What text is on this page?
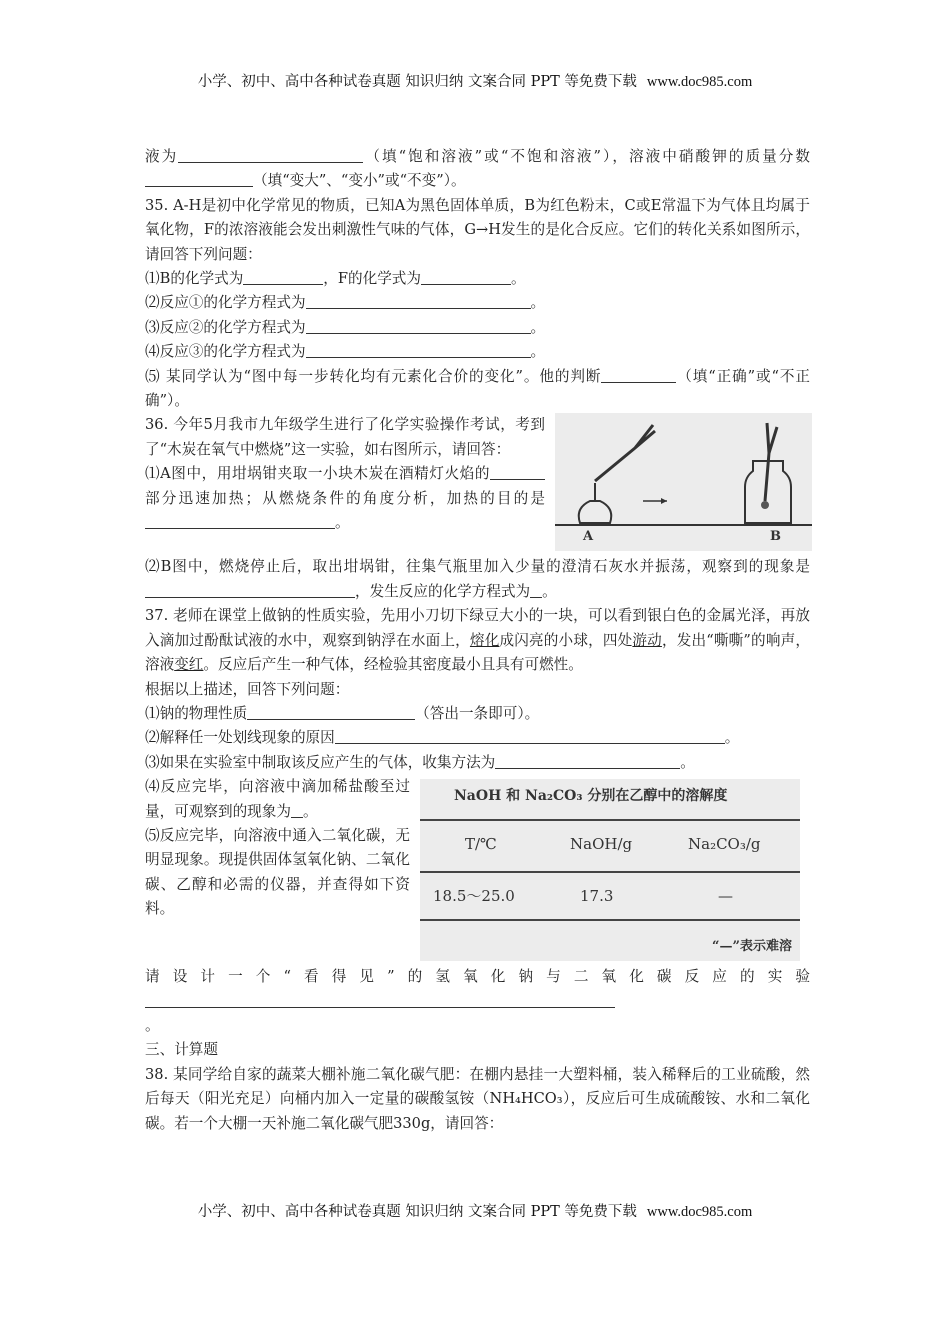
小学、初中、高中各种试卷真题 知识归纳 文案合同 PPT 等免费下载 www.doc985.com

液为	（填“饱和溶液”或“不饱和溶液”），溶液中硝酸钾的质量分数（填“变大”、“变小”或“不变”）。

35. A-H是初中化学常见的物质，已知A为黑色固体单质，B为红色粉末，C或E常温下为气体且均属于氧化物，F的浓溶液能会发出刺激性气味的气体，G→H发生的是化合反应。它们的转化关系如图所示，请回答下列问题：

⑴B的化学式为	，F的化学式为	。

⑵反应①的化学方程式为	。

⑶反应②的化学方程式为	。

⑷反应③的化学方程式为	。

⑸ 某同学认为“图中每一步转化均有元素化合价的变化”。他的判断	（填“正确”或“不正确”）。

A	B

36. 今年5月我市九年级学生进行了化学实验操作考试，考到了“木炭在氧气中燃烧”这一实验，如右图所示，请回答：

⑴A图中，用坩埚钳夹取一小块木炭在酒精灯火焰的部分迅速加热；从燃烧条件的角度分析，加热的目的是。

⑵B图中，燃烧停止后，取出坩埚钳，往集气瓶里加入少量的澄清石灰水并振荡，观察到的现象是，发生反应的化学方程式为 。

37. 老师在课堂上做钠的性质实验，先用小刀切下绿豆大小的一块，可以看到银白色的金属光泽，再放入滴加过酚酞试液的水中，观察到钠浮在水面上，熔化成闪亮的小球，四处游动，发出“嘶嘶”的响声，溶液变红。反应后产生一种气体，经检验其密度最小且具有可燃性。

根据以上描述，回答下列问题：

⑴钠的物理性质	（答出一条即可）。

⑵解释任一处划线现象的原因	。

⑶如果在实验室中制取该反应产生的气体，收集方法为	。

NaOH 和 Na₂CO₃ 分别在乙醇中的溶解度
T/℃	NaOH/g	Na₂CO₃/g
18.5～25.0	17.3	—
“—”表示难溶

⑷反应完毕，向溶液中滴加稀盐酸至过量，可观察到的现象为 。

⑸反应完毕，向溶液中通入二氧化碳，无明显现象。现提供固体氢氧化钠、二氧化碳、乙醇和必需的仪器，并查得如下资料。

请设计一个“看得见”的氢氧化钠与二氧化碳反应的实验
。

三、计算题

38. 某同学给自家的蔬菜大棚补施二氧化碳气肥：在棚内悬挂一大塑料桶，装入稀释后的工业硫酸，然后每天（阳光充足）向桶内加入一定量的碳酸氢铵（NH₄HCO₃），反应后可生成硫酸铵、水和二氧化碳。若一个大棚一天补施二氧化碳气肥330g，请回答：

小学、初中、高中各种试卷真题 知识归纳 文案合同 PPT 等免费下载 www.doc985.com
